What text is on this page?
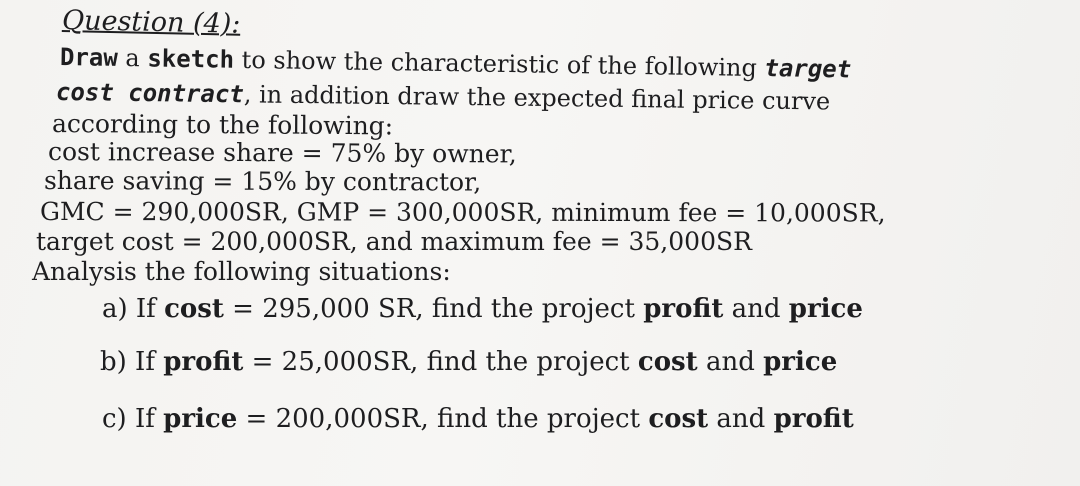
Question (4):
Draw a sketch to show the characteristic of the following target
cost contract, in addition draw the expected final price curve
according to the following:
cost increase share = 75% by owner,
share saving = 15% by contractor,
GMC = 290,000SR, GMP = 300,000SR, minimum fee = 10,000SR,
target cost = 200,000SR, and maximum fee = 35,000SR
Analysis the following situations:
a) If cost = 295,000 SR, find the project profit and price
b) If profit = 25,000SR, find the project cost and price
c) If price = 200,000SR, find the project cost and profit
